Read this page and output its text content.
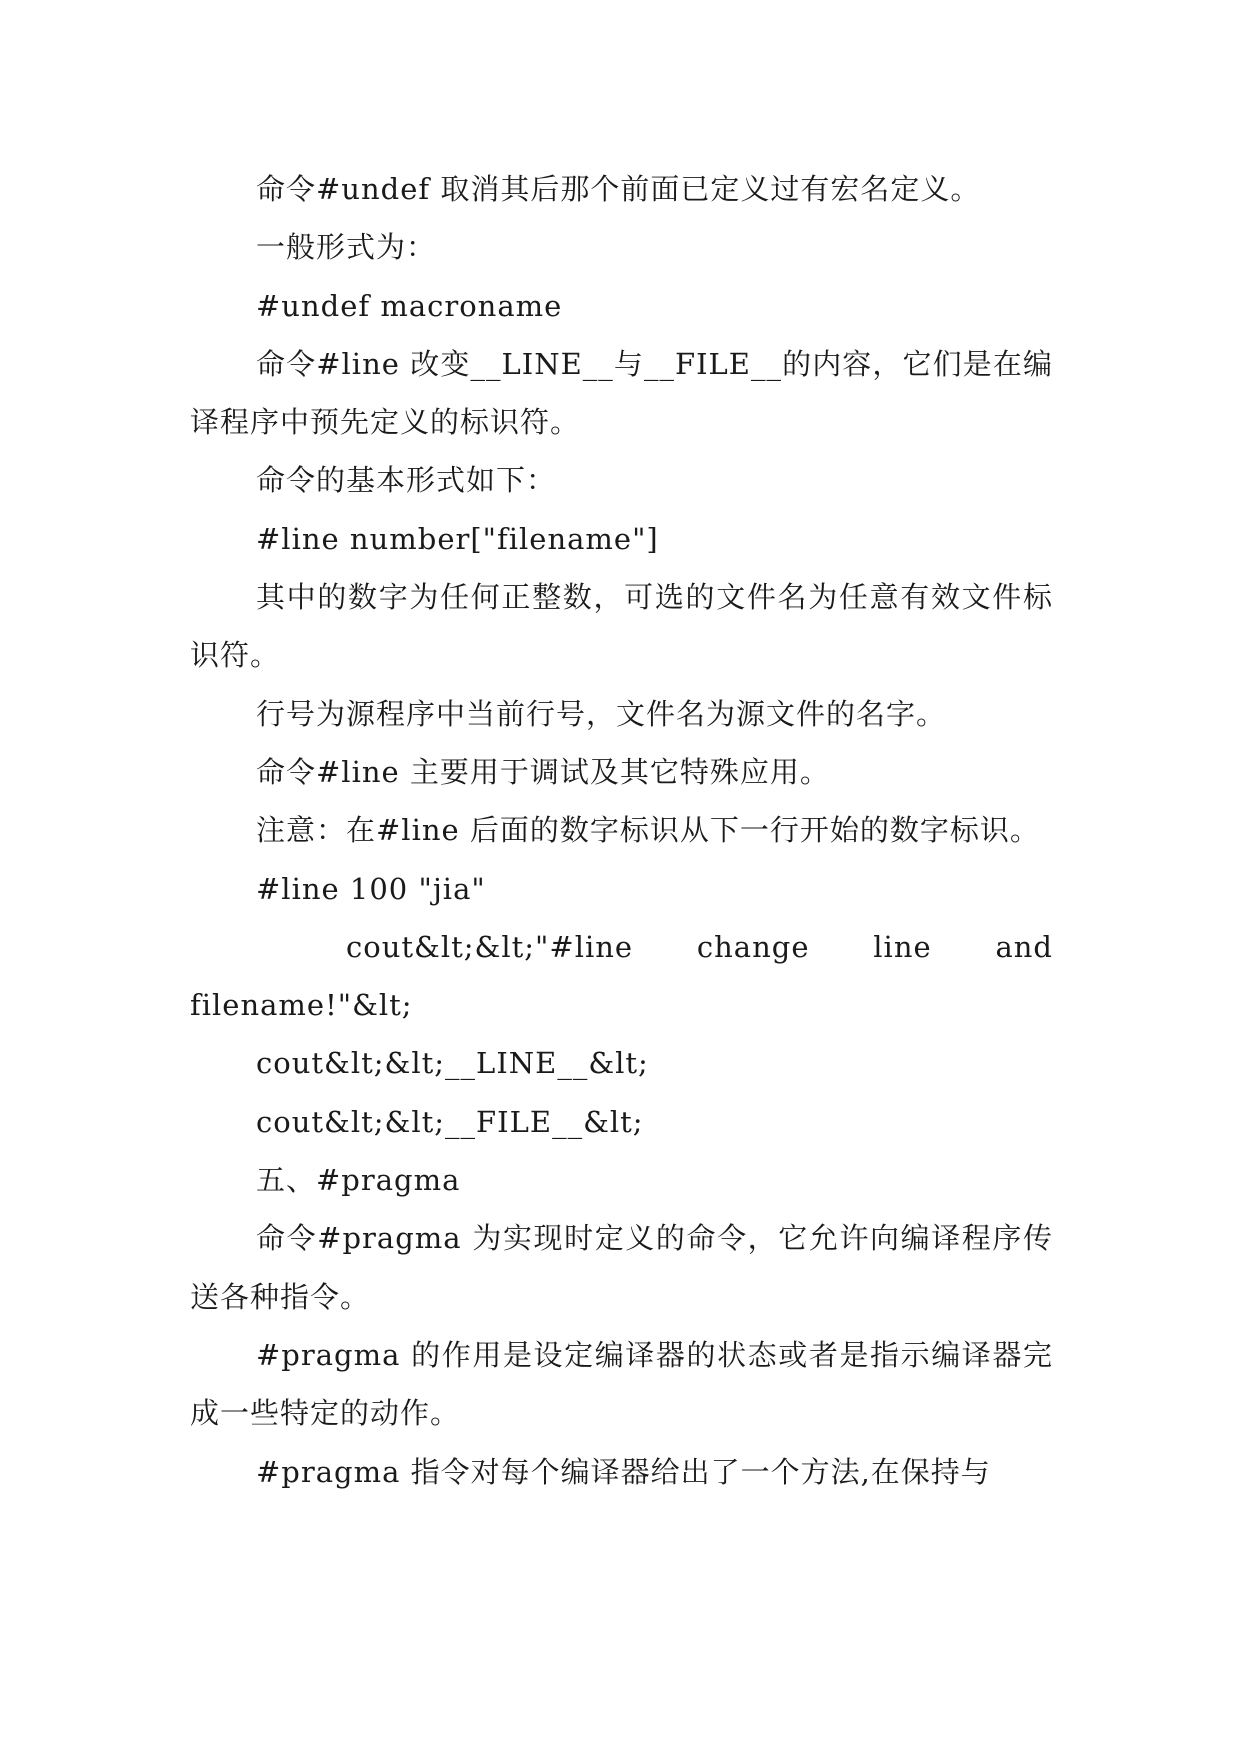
命令#undef 取消其后那个前面已定义过有宏名定义。

一般形式为：

#undef macroname

命令#line 改变__LINE__与__FILE__的内容，它们是在编译程序中预先定义的标识符。

命令的基本形式如下：

#line number["filename"]

其中的数字为任何正整数，可选的文件名为任意有效文件标识符。

行号为源程序中当前行号，文件名为源文件的名字。

命令#line 主要用于调试及其它特殊应用。

注意：在#line 后面的数字标识从下一行开始的数字标识。

#line 100 "jia"

cout&lt;&lt;"#line change line and filename!"&lt;

cout&lt;&lt;__LINE__&lt;

cout&lt;&lt;__FILE__&lt;

五、#pragma

命令#pragma 为实现时定义的命令，它允许向编译程序传送各种指令。

#pragma 的作用是设定编译器的状态或者是指示编译器完成一些特定的动作。

#pragma 指令对每个编译器给出了一个方法,在保持与
